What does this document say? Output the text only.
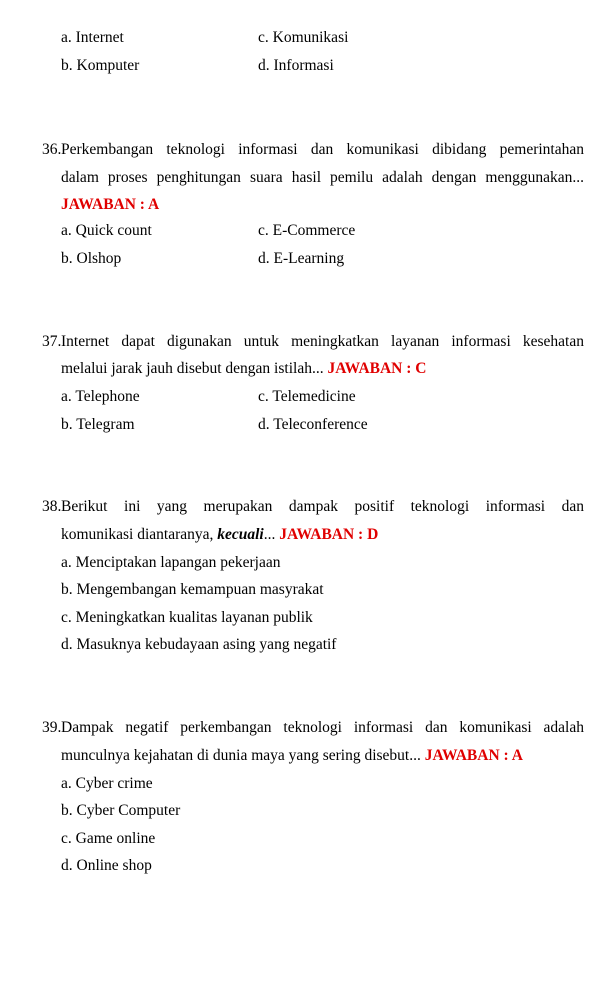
a. Internet	c. Komunikasi
b. Komputer	d. Informasi
36. Perkembangan teknologi informasi dan komunikasi dibidang pemerintahan
dalam proses penghitungan suara hasil pemilu adalah dengan menggunakan...
JAWABAN : A
a. Quick count	c. E-Commerce
b. Olshop	d. E-Learning
37. Internet dapat digunakan untuk meningkatkan layanan informasi kesehatan
melalui jarak jauh disebut dengan istilah... JAWABAN : C
a. Telephone	c. Telemedicine
b. Telegram	d. Teleconference
38. Berikut ini yang merupakan dampak positif teknologi informasi dan
komunikasi diantaranya, kecuali... JAWABAN : D
a. Menciptakan lapangan pekerjaan
b. Mengembangan kemampuan masyrakat
c. Meningkatkan kualitas layanan publik
d. Masuknya kebudayaan asing yang negatif
39. Dampak negatif perkembangan teknologi informasi dan komunikasi adalah
munculnya kejahatan di dunia maya yang sering disebut... JAWABAN : A
a. Cyber crime
b. Cyber Computer
c. Game online
d. Online shop
